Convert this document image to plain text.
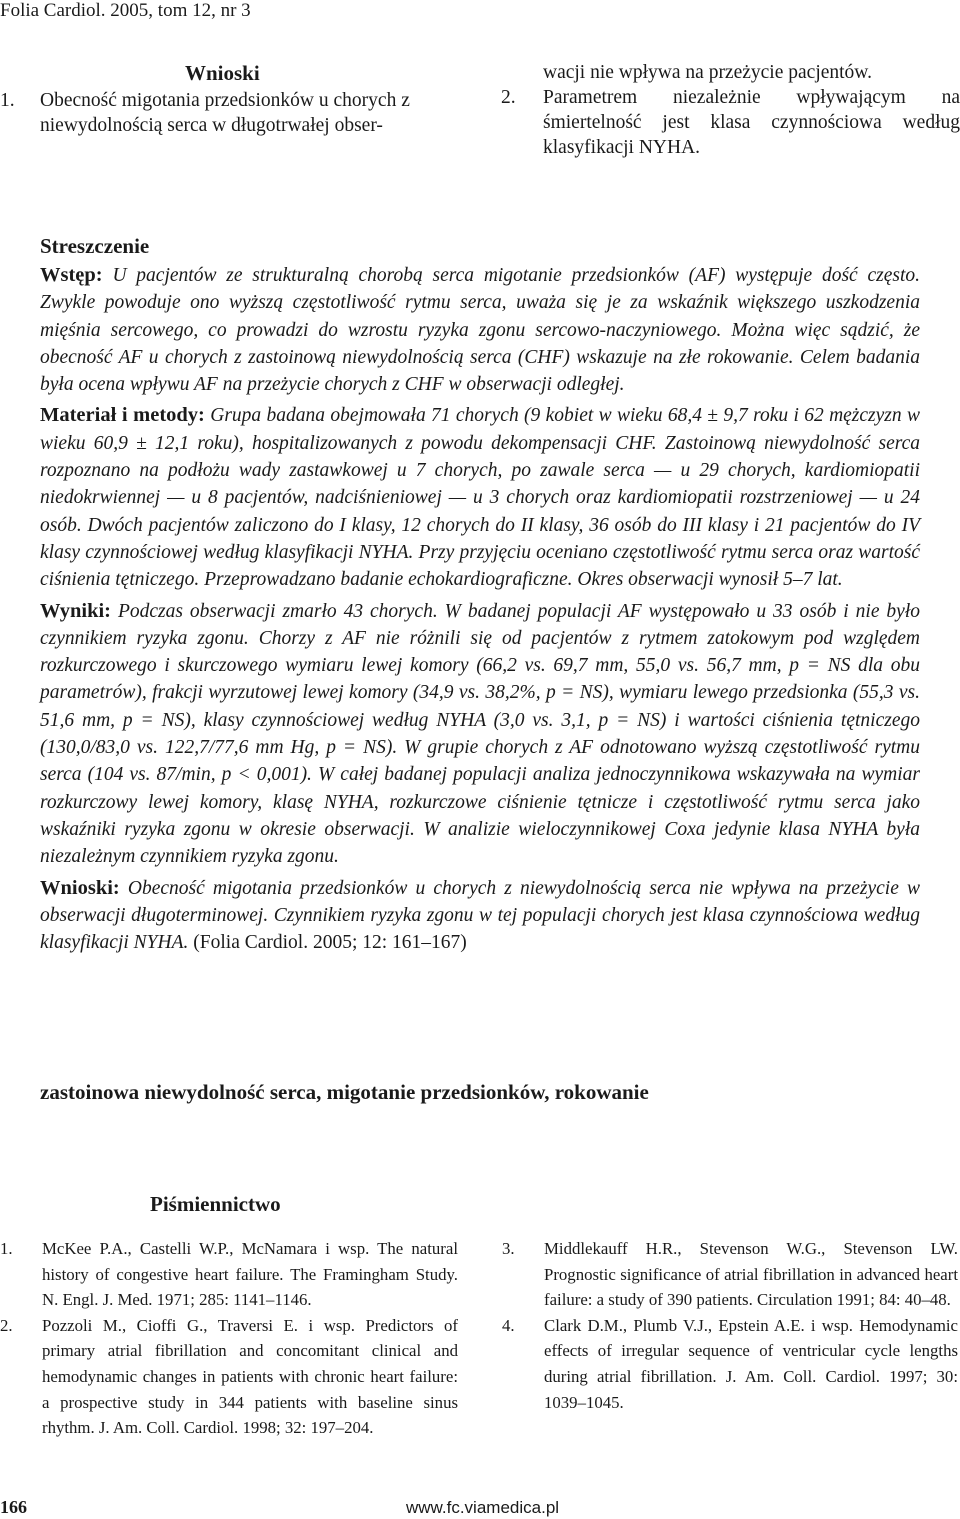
Folia Cardiol. 2005, tom 12, nr 3
Wnioski
1.	Obecność migotania przedsionków u chorych z niewydolnością serca w długotrwałej obser-
wacji nie wpływa na przeżycie pacjentów.
2.	Parametrem niezależnie wpływającym na śmiertelność jest klasa czynnościowa według klasyfikacji NYHA.
Streszczenie

Wstęp: U pacjentów ze strukturalną chorobą serca migotanie przedsionków (AF) występuje dość często. Zwykle powoduje ono wyższą częstotliwość rytmu serca, uważa się je za wskaźnik większego uszkodzenia mięśnia sercowego, co prowadzi do wzrostu ryzyka zgonu sercowo-naczyniowego. Można więc sądzić, że obecność AF u chorych z zastoinową niewydolnością serca (CHF) wskazuje na złe rokowanie. Celem badania była ocena wpływu AF na przeżycie chorych z CHF w obserwacji odległej.

Materiał i metody: Grupa badana obejmowała 71 chorych (9 kobiet w wieku 68,4 ± 9,7 roku i 62 mężczyzn w wieku 60,9 ± 12,1 roku), hospitalizowanych z powodu dekompensacji CHF. Zastoinową niewydolność serca rozpoznano na podłożu wady zastawkowej u 7 chorych, po zawale serca — u 29 chorych, kardiomiopatii niedokrwiennej — u 8 pacjentów, nadciśnieniowej — u 3 chorych oraz kardiomiopatii rozstrzeniowej — u 24 osób. Dwóch pacjentów zaliczono do I klasy, 12 chorych do II klasy, 36 osób do III klasy i 21 pacjentów do IV klasy czynnościowej według klasyfikacji NYHA. Przy przyjęciu oceniano częstotliwość rytmu serca oraz wartość ciśnienia tętniczego. Przeprowadzano badanie echokardiograficzne. Okres obserwacji wynosił 5–7 lat.

Wyniki: Podczas obserwacji zmarło 43 chorych. W badanej populacji AF występowało u 33 osób i nie było czynnikiem ryzyka zgonu. Chorzy z AF nie różnili się od pacjentów z rytmem zatokowym pod względem rozkurczowego i skurczowego wymiaru lewej komory (66,2 vs. 69,7 mm, 55,0 vs. 56,7 mm, p = NS dla obu parametrów), frakcji wyrzutowej lewej komory (34,9 vs. 38,2%, p = NS), wymiaru lewego przedsionka (55,3 vs. 51,6 mm, p = NS), klasy czynnościowej według NYHA (3,0 vs. 3,1, p = NS) i wartości ciśnienia tętniczego (130,0/83,0 vs. 122,7/77,6 mm Hg, p = NS). W grupie chorych z AF odnotowano wyższą częstotliwość rytmu serca (104 vs. 87/min, p < 0,001). W całej badanej populacji analiza jednoczynnikowa wskazywała na wymiar rozkurczowy lewej komory, klasę NYHA, rozkurczowe ciśnienie tętnicze i częstotliwość rytmu serca jako wskaźniki ryzyka zgonu w okresie obserwacji. W analizie wieloczynnikowej Coxa jedynie klasa NYHA była niezależnym czynnikiem ryzyka zgonu.

Wnioski: Obecność migotania przedsionków u chorych z niewydolnością serca nie wpływa na przeżycie w obserwacji długoterminowej. Czynnikiem ryzyka zgonu w tej populacji chorych jest klasa czynnościowa według klasyfikacji NYHA. (Folia Cardiol. 2005; 12: 161–167)

zastoinowa niewydolność serca, migotanie przedsionków, rokowanie
Piśmiennictwo
1.	McKee P.A., Castelli W.P., McNamara i wsp. The natural history of congestive heart failure. The Framingham Study. N. Engl. J. Med. 1971; 285: 1141–1146.
2.	Pozzoli M., Cioffi G., Traversi E. i wsp. Predictors of primary atrial fibrillation and concomitant clinical and hemodynamic changes in patients with chronic heart failure: a prospective study in 344 patients with baseline sinus rhythm. J. Am. Coll. Cardiol. 1998; 32: 197–204.
3.	Middlekauff H.R., Stevenson W.G., Stevenson LW. Prognostic significance of atrial fibrillation in advanced heart failure: a study of 390 patients. Circulation 1991; 84: 40–48.
4.	Clark D.M., Plumb V.J., Epstein A.E. i wsp. Hemodynamic effects of irregular sequence of ventricular cycle lengths during atrial fibrillation. J. Am. Coll. Cardiol. 1997; 30: 1039–1045.
166	www.fc.viamedica.pl
